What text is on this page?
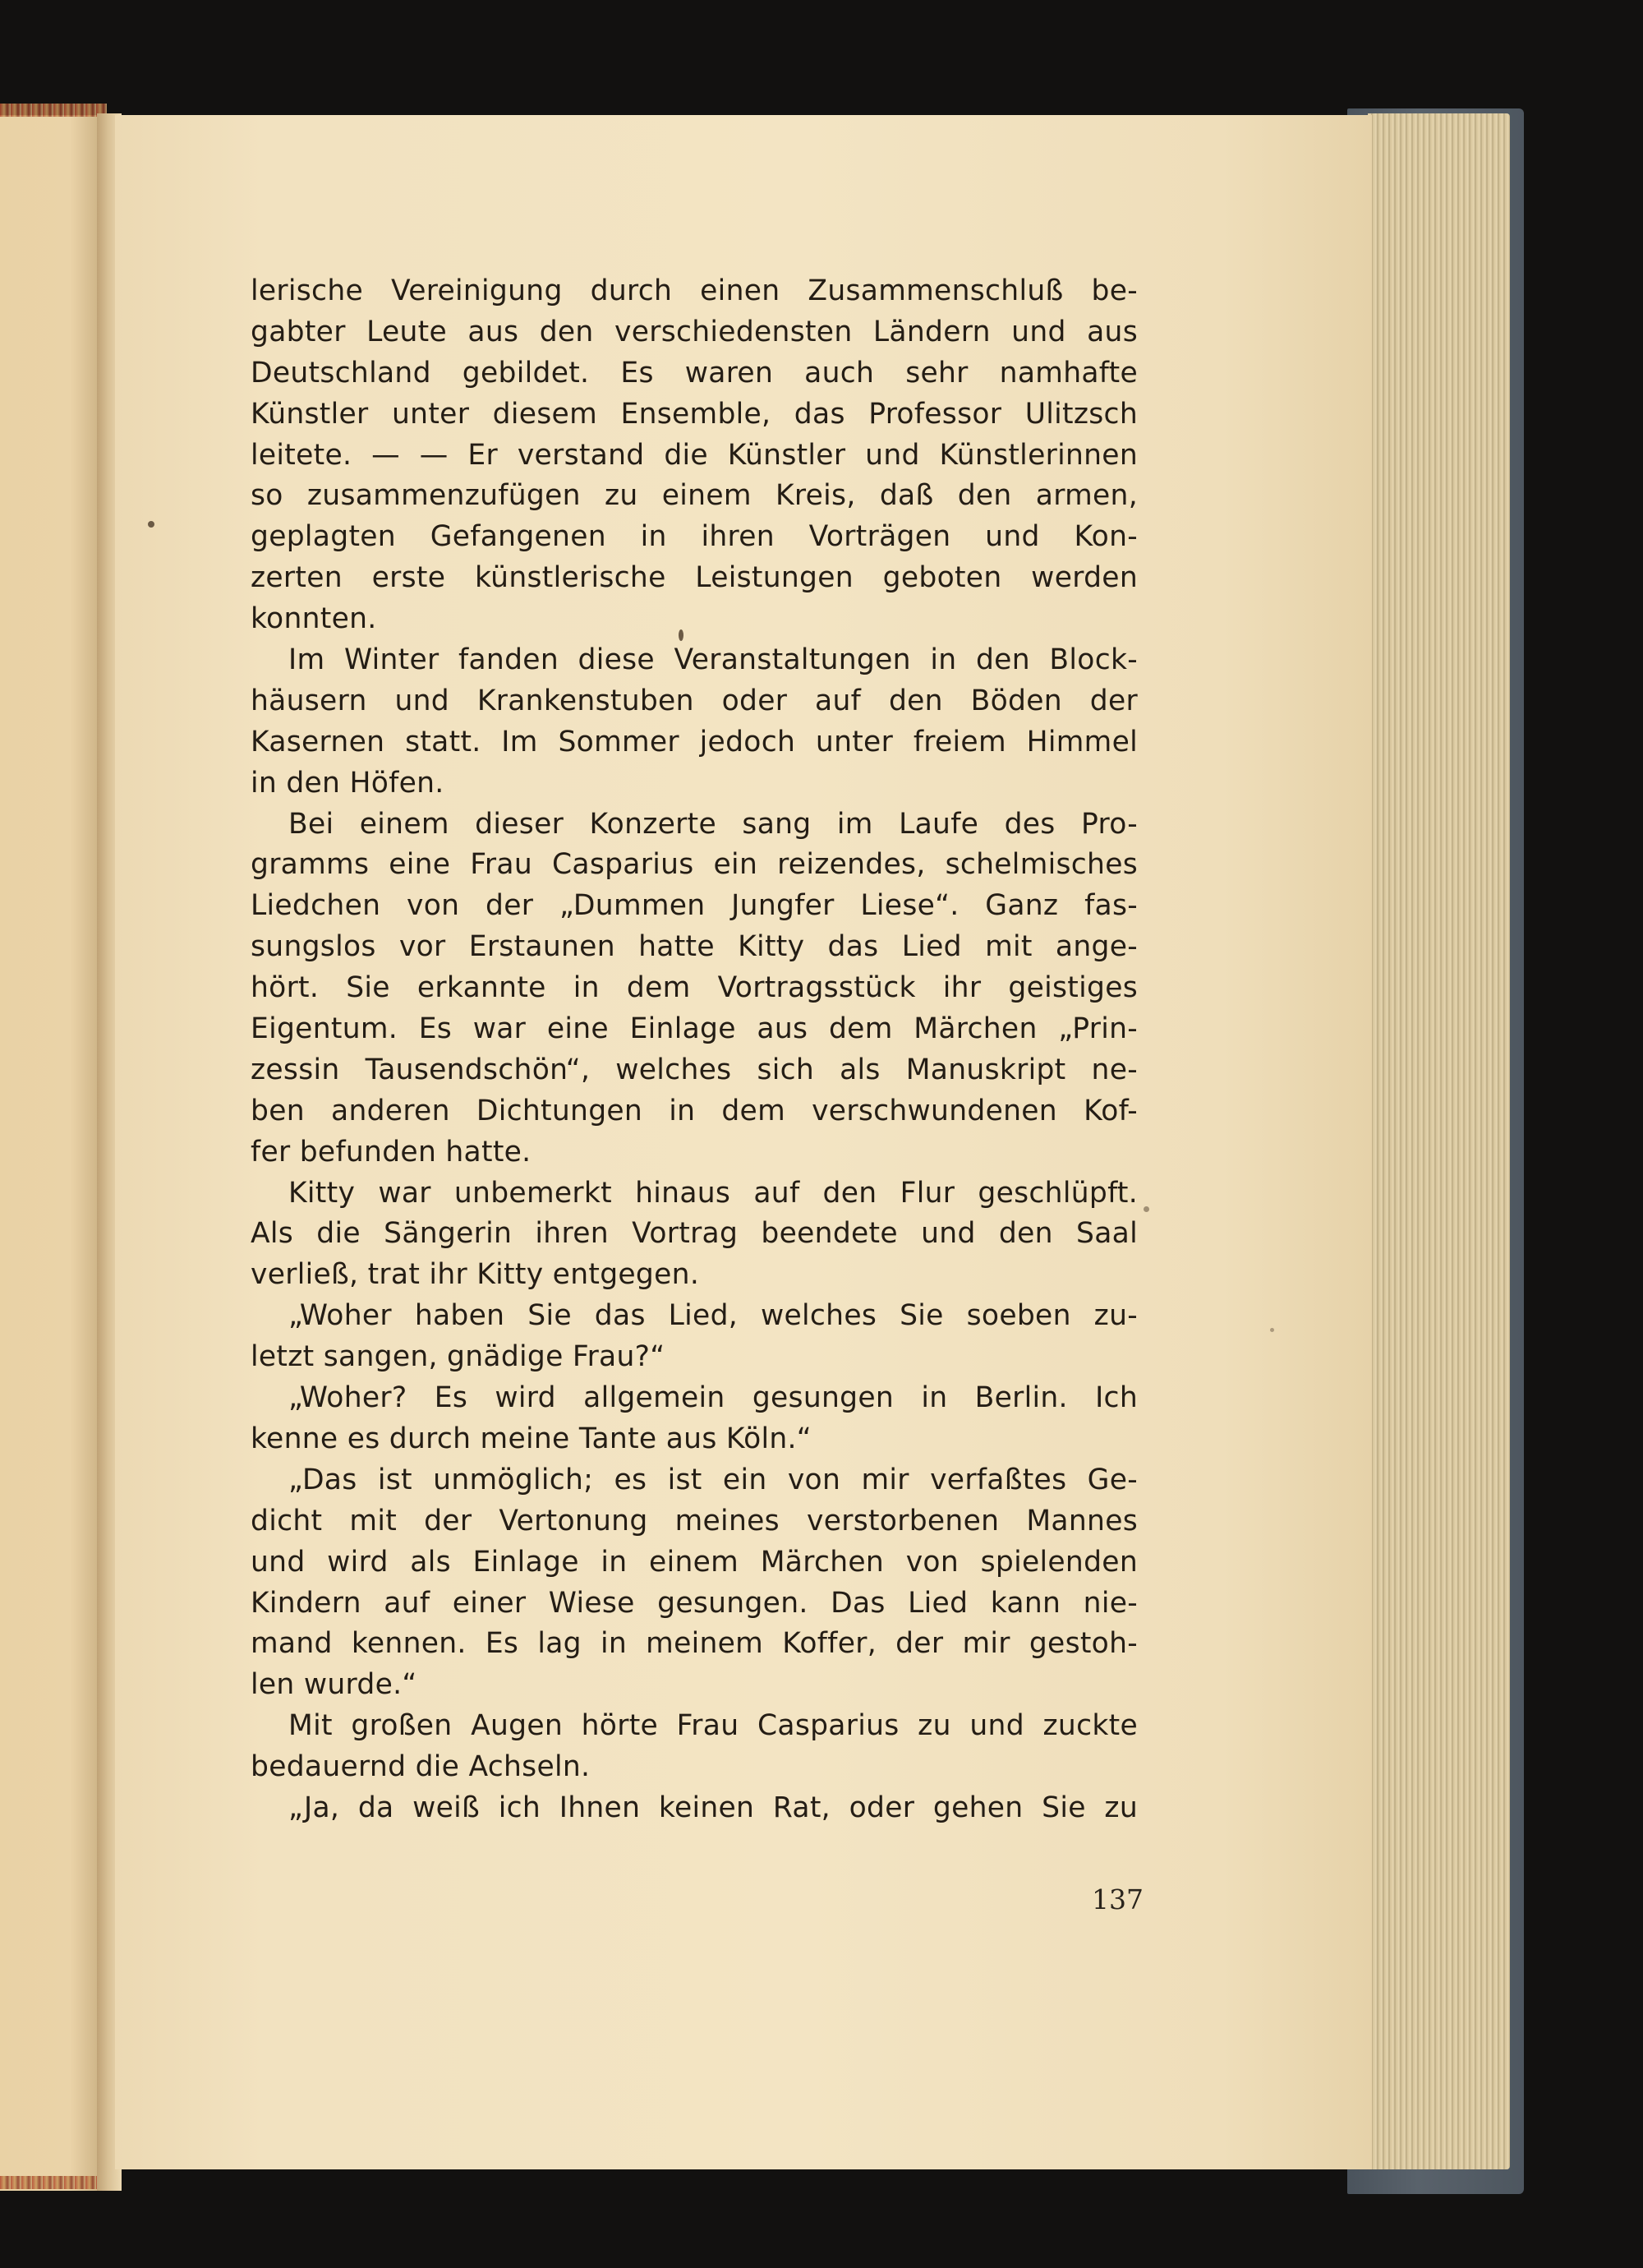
lerische Vereinigung durch einen Zusammenschluß be-
gabter Leute aus den verschiedensten Ländern und aus
Deutschland gebildet. Es waren auch sehr namhafte
Künstler unter diesem Ensemble, das Professor Ulitzsch
leitete. — — Er verstand die Künstler und Künstlerinnen
so zusammenzufügen zu einem Kreis, daß den armen,
geplagten Gefangenen in ihren Vorträgen und Kon-
zerten erste künstlerische Leistungen geboten werden
konnten.

Im Winter fanden diese Veranstaltungen in den Block-
häusern und Krankenstuben oder auf den Böden der
Kasernen statt. Im Sommer jedoch unter freiem Himmel
in den Höfen.

Bei einem dieser Konzerte sang im Laufe des Pro-
gramms eine Frau Casparius ein reizendes, schelmisches
Liedchen von der „Dummen Jungfer Liese“. Ganz fas-
sungslos vor Erstaunen hatte Kitty das Lied mit ange-
hört. Sie erkannte in dem Vortragsstück ihr geistiges
Eigentum. Es war eine Einlage aus dem Märchen „Prin-
zessin Tausendschön“, welches sich als Manuskript ne-
ben anderen Dichtungen in dem verschwundenen Kof-
fer befunden hatte.

Kitty war unbemerkt hinaus auf den Flur geschlüpft.
Als die Sängerin ihren Vortrag beendete und den Saal
verließ, trat ihr Kitty entgegen.

„Woher haben Sie das Lied, welches Sie soeben zu-
letzt sangen, gnädige Frau?“

„Woher? Es wird allgemein gesungen in Berlin. Ich
kenne es durch meine Tante aus Köln.“

„Das ist unmöglich; es ist ein von mir verfaßtes Ge-
dicht mit der Vertonung meines verstorbenen Mannes
und wird als Einlage in einem Märchen von spielenden
Kindern auf einer Wiese gesungen. Das Lied kann nie-
mand kennen. Es lag in meinem Koffer, der mir gestoh-
len wurde.“

Mit großen Augen hörte Frau Casparius zu und zuckte
bedauernd die Achseln.

„Ja, da weiß ich Ihnen keinen Rat, oder gehen Sie zu

137
